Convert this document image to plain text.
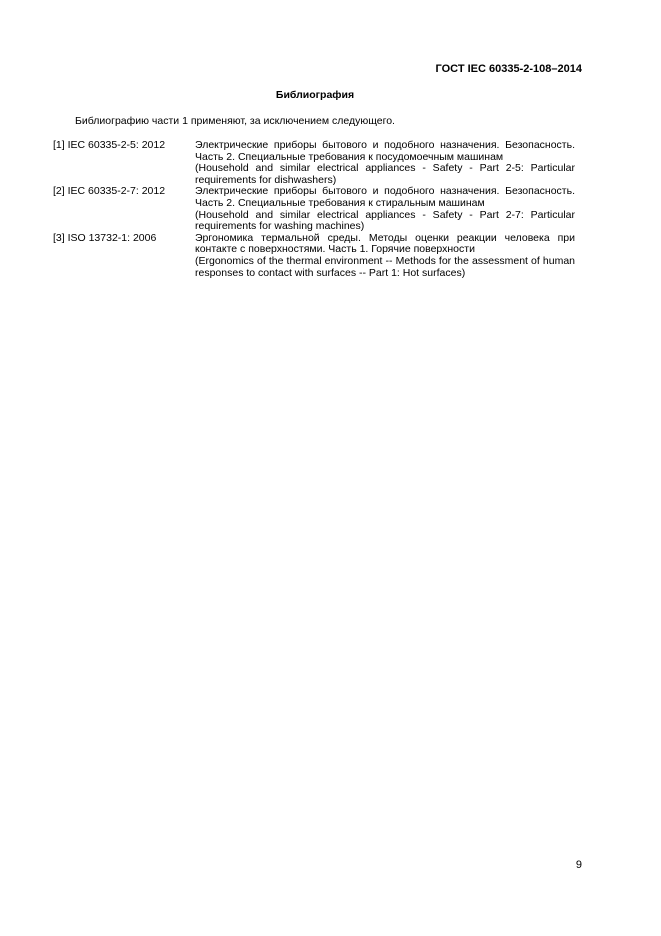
ГОСТ IEC 60335-2-108–2014
Библиография
Библиографию части 1 применяют, за исключением следующего.
[1] IEC 60335-2-5: 2012	Электрические приборы бытового и подобного назначения. Безопасность. Часть 2. Специальные требования к посудомоечным машинам

(Household and similar electrical appliances - Safety - Part 2-5: Particular requirements for dishwashers)

[2] IEC 60335-2-7: 2012	Электрические приборы бытового и подобного назначения. Безопасность. Часть 2. Специальные требования к стиральным машинам

(Household and similar electrical appliances - Safety - Part 2-7: Particular requirements for washing machines)

[3] ISO 13732-1: 2006	Эргономика термальной среды. Методы оценки реакции человека при контакте с поверхностями. Часть 1. Горячие поверхности

(Ergonomics of the thermal environment -- Methods for the assessment of human responses to contact with surfaces -- Part 1: Hot surfaces)

9
